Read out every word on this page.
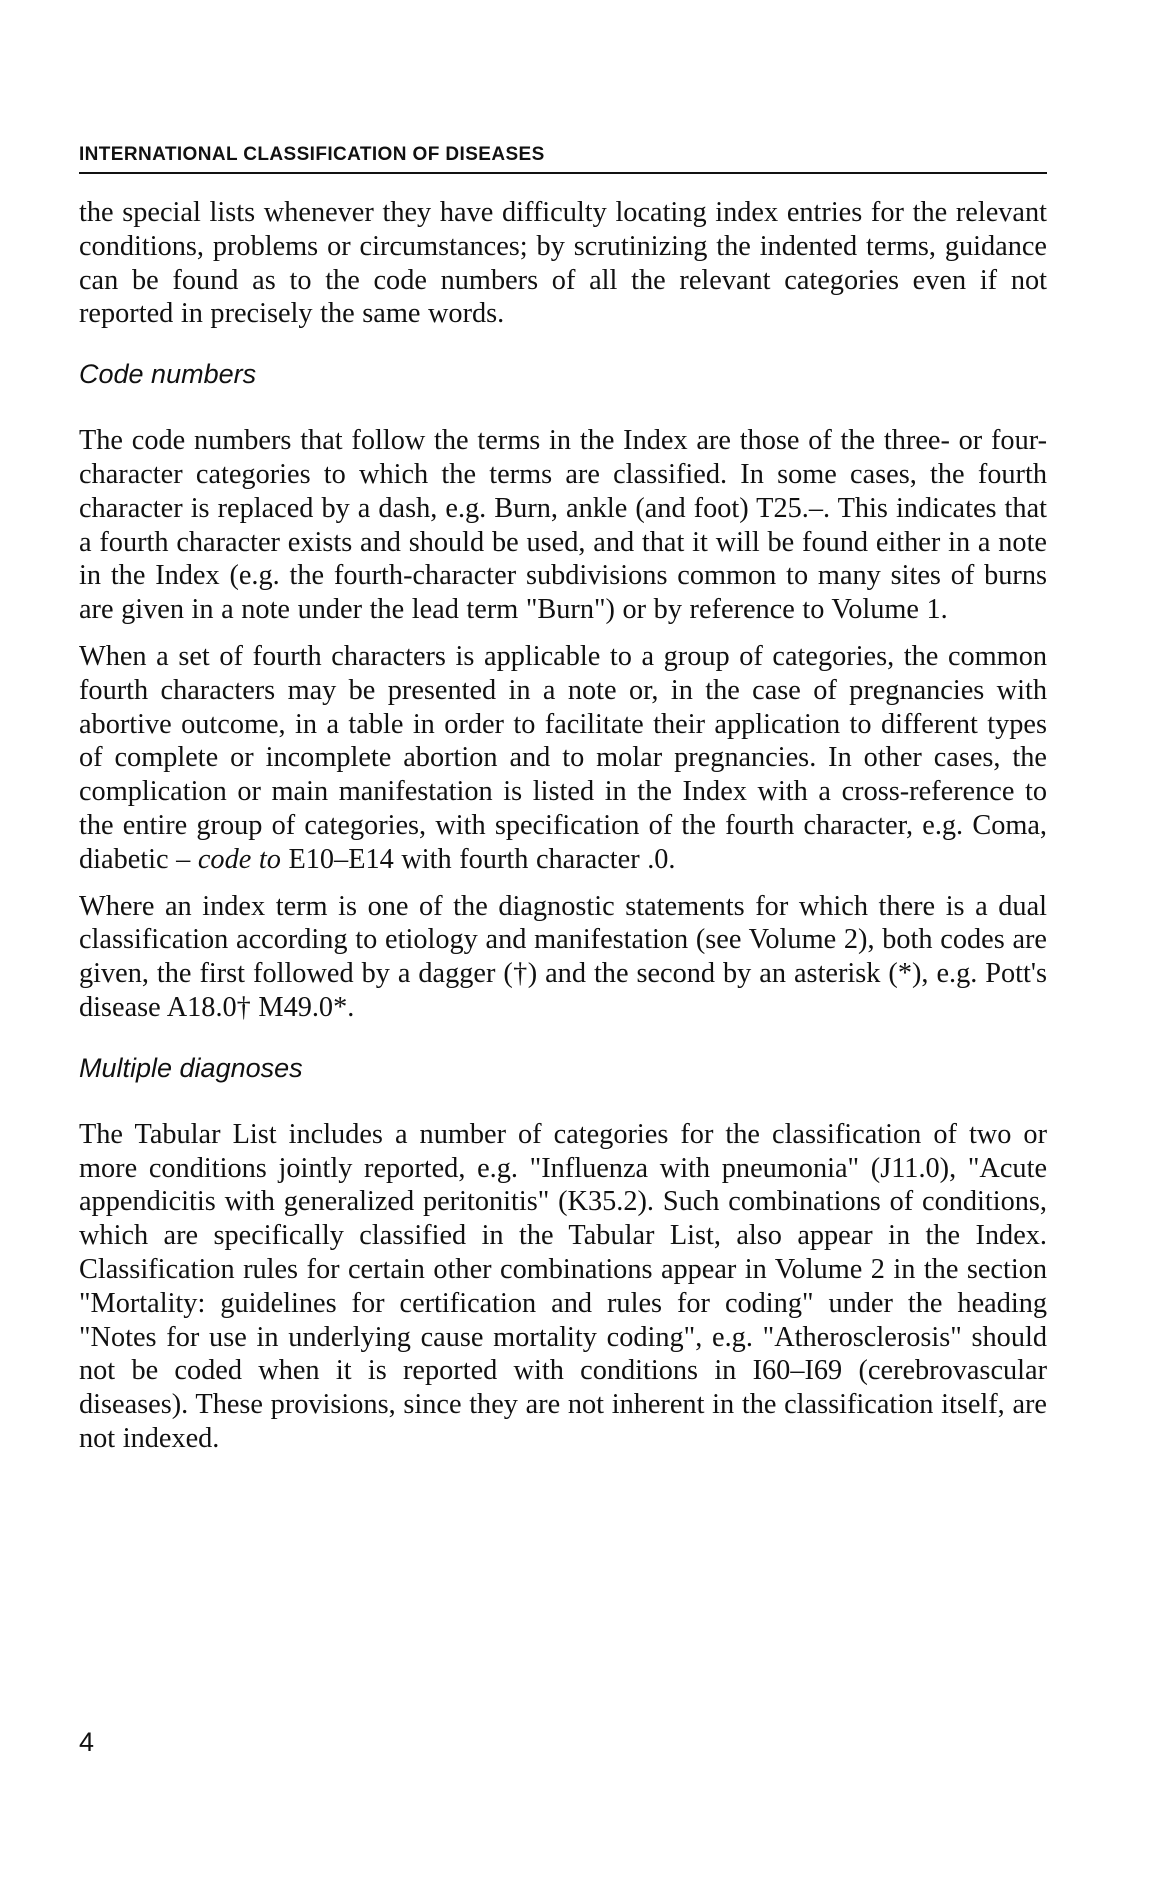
INTERNATIONAL CLASSIFICATION OF DISEASES

the special lists whenever they have difficulty locating index entries for the relevant conditions, problems or circumstances; by scrutinizing the indented terms, guidance can be found as to the code numbers of all the relevant categories even if not reported in precisely the same words.

Code numbers

The code numbers that follow the terms in the Index are those of the three- or four-character categories to which the terms are classified. In some cases, the fourth character is replaced by a dash, e.g. Burn, ankle (and foot) T25.–. This indicates that a fourth character exists and should be used, and that it will be found either in a note in the Index (e.g. the fourth-character subdivisions common to many sites of burns are given in a note under the lead term "Burn") or by reference to Volume 1.

When a set of fourth characters is applicable to a group of categories, the common fourth characters may be presented in a note or, in the case of pregnancies with abortive outcome, in a table in order to facilitate their application to different types of complete or incomplete abortion and to molar pregnancies. In other cases, the complication or main manifestation is listed in the Index with a cross-reference to the entire group of categories, with specification of the fourth character, e.g. Coma, diabetic – code to E10–E14 with fourth character .0.

Where an index term is one of the diagnostic statements for which there is a dual classification according to etiology and manifestation (see Volume 2), both codes are given, the first followed by a dagger (†) and the second by an asterisk (*), e.g. Pott's disease A18.0† M49.0*.

Multiple diagnoses

The Tabular List includes a number of categories for the classification of two or more conditions jointly reported, e.g. "Influenza with pneumonia" (J11.0), "Acute appendicitis with generalized peritonitis" (K35.2). Such combinations of conditions, which are specifically classified in the Tabular List, also appear in the Index. Classification rules for certain other combinations appear in Volume 2 in the section "Mortality: guidelines for certification and rules for coding" under the heading "Notes for use in underlying cause mortality coding", e.g. "Atherosclerosis" should not be coded when it is reported with conditions in I60–I69 (cerebrovascular diseases). These provisions, since they are not inherent in the classification itself, are not indexed.

4
